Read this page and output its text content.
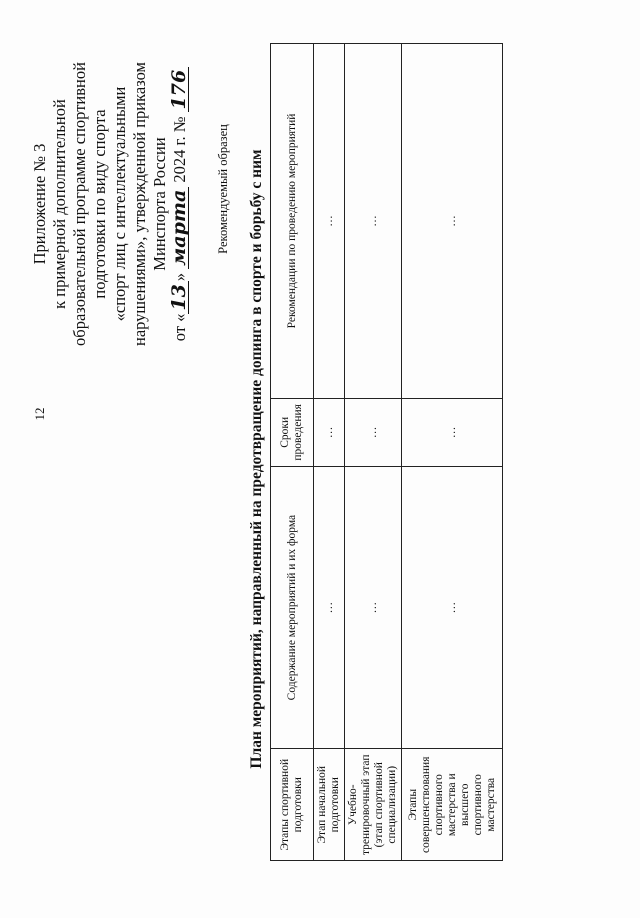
12
Приложение № 3 к примерной дополнительной образовательной программе спортивной подготовки по виду спорта «спорт лиц с интеллектуальными нарушениями», утвержденной приказом Минспорта России
от «13» марта 2024 г. № 176
Рекомендуемый образец План мероприятий, направленный на предотвращение допинга в спорте и борьбу с ним
Этапы спортивной подготовки	Содержание мероприятий и их форма	Сроки проведения	Рекомендации по проведению мероприятий
Этап начальной подготовки	…	…	…
Учебно-тренировочный этап (этап спортивной специализации)	…	…	…
Этапы совершенствования спортивного мастерства и высшего спортивного мастерства	…	…	…
